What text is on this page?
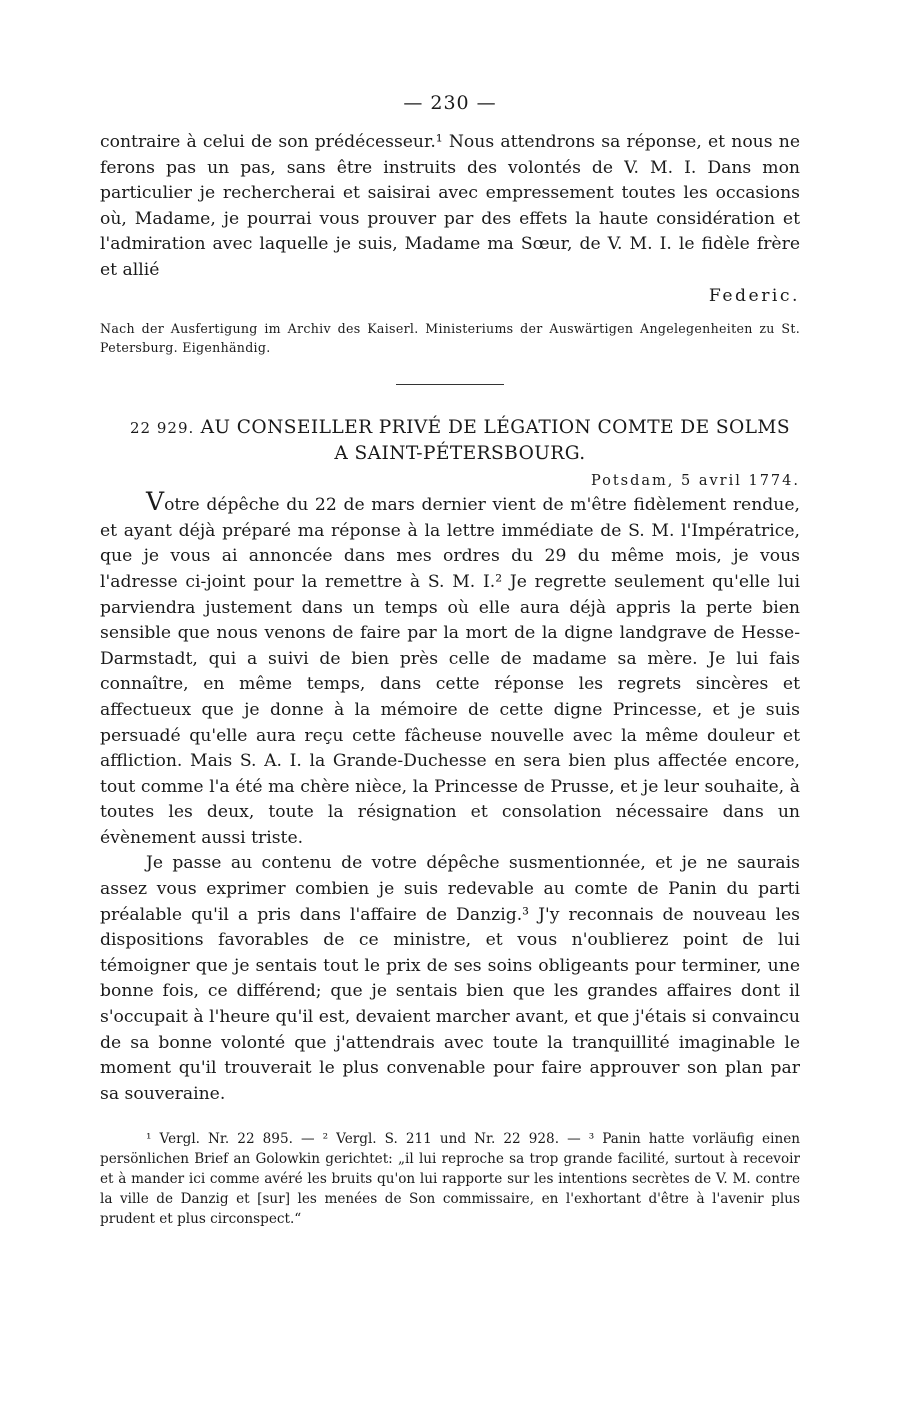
— 230 —

contraire à celui de son prédécesseur.¹ Nous attendrons sa réponse, et nous ne ferons pas un pas, sans être instruits des volontés de V. M. I. Dans mon particulier je rechercherai et saisirai avec empressement toutes les occasions où, Madame, je pourrai vous prouver par des effets la haute considération et l'admiration avec laquelle je suis, Madame ma Sœur, de V. M. I. le fidèle frère et allié

Federic.
Nach der Ausfertigung im Archiv des Kaiserl. Ministeriums der Auswärtigen Angelegenheiten zu St. Petersburg. Eigenhändig.
22 929. AU CONSEILLER PRIVÉ DE LÉGATION COMTE DE SOLMS A SAINT-PÉTERSBOURG.
Potsdam, 5 avril 1774.

Votre dépêche du 22 de mars dernier vient de m'être fidèlement rendue, et ayant déjà préparé ma réponse à la lettre immédiate de S. M. l'Impératrice, que je vous ai annoncée dans mes ordres du 29 du même mois, je vous l'adresse ci-joint pour la remettre à S. M. I.² Je regrette seulement qu'elle lui parviendra justement dans un temps où elle aura déjà appris la perte bien sensible que nous venons de faire par la mort de la digne landgrave de Hesse-Darmstadt, qui a suivi de bien près celle de madame sa mère. Je lui fais connaître, en même temps, dans cette réponse les regrets sincères et affectueux que je donne à la mémoire de cette digne Princesse, et je suis persuadé qu'elle aura reçu cette fâcheuse nouvelle avec la même douleur et affliction. Mais S. A. I. la Grande-Duchesse en sera bien plus affectée encore, tout comme l'a été ma chère nièce, la Princesse de Prusse, et je leur souhaite, à toutes les deux, toute la résignation et consolation nécessaire dans un évènement aussi triste.

Je passe au contenu de votre dépêche susmentionnée, et je ne saurais assez vous exprimer combien je suis redevable au comte de Panin du parti préalable qu'il a pris dans l'affaire de Danzig.³ J'y reconnais de nouveau les dispositions favorables de ce ministre, et vous n'oublierez point de lui témoigner que je sentais tout le prix de ses soins obligeants pour terminer, une bonne fois, ce différend; que je sentais bien que les grandes affaires dont il s'occupait à l'heure qu'il est, devaient marcher avant, et que j'étais si convaincu de sa bonne volonté que j'attendrais avec toute la tranquillité imaginable le moment qu'il trouverait le plus convenable pour faire approuver son plan par sa souveraine.

¹ Vergl. Nr. 22 895. — ² Vergl. S. 211 und Nr. 22 928. — ³ Panin hatte vorläufig einen persönlichen Brief an Golowkin gerichtet: „il lui reproche sa trop grande facilité, surtout à recevoir et à mander ici comme avéré les bruits qu'on lui rapporte sur les intentions secrètes de V. M. contre la ville de Danzig et [sur] les menées de Son commissaire, en l'exhortant d'être à l'avenir plus prudent et plus circonspect.“
